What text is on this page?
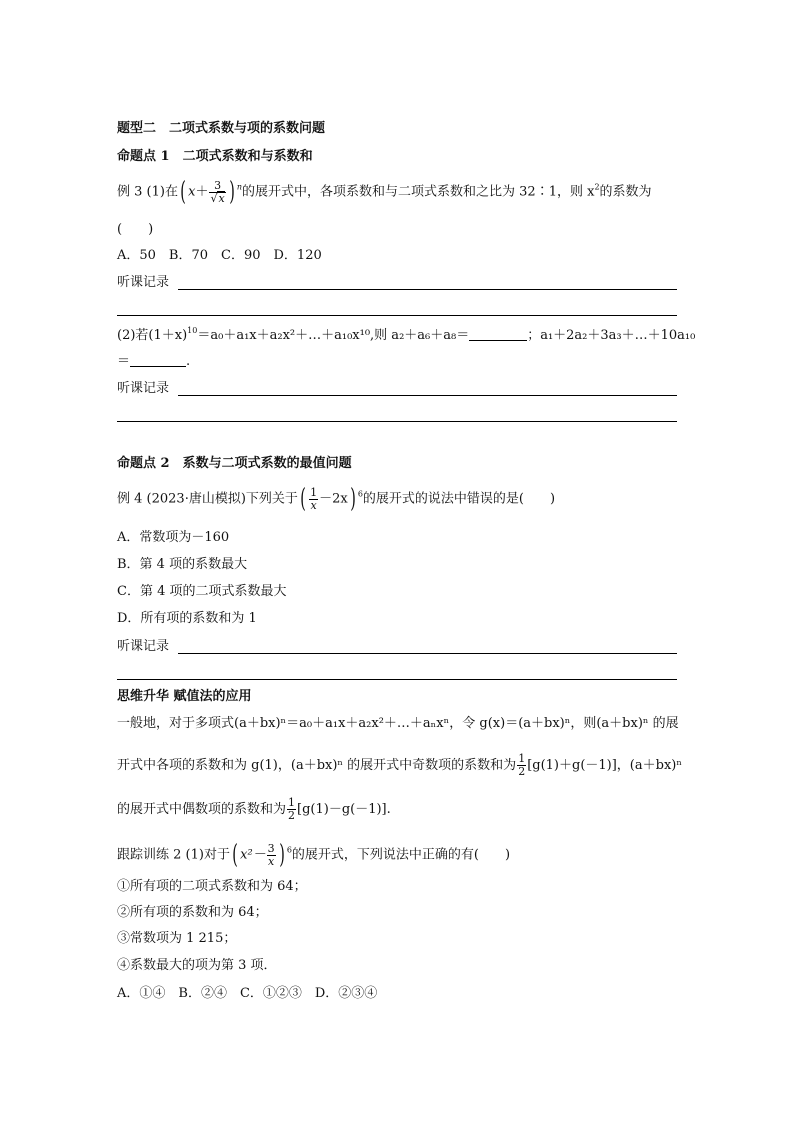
题型二　二项式系数与项的系数问题
命题点 1　二项式系数和与系数和
例 3 (1)在( $x+ \frac{3}{√x}$ ) $^n$的展开式中，各项系数和与二项式系数和之比为 32∶1，则 $x^2$的系数为
(　　)
A．50　B．70　C．90　D．120
听课记录
(2)若$(1+x)^{10}=a_0+a_1x+a_2x^2+\dots+a_{10}x^{10}$,则 a₂＋a₆＋a₈＝	；a₁＋2a₂＋3a₃＋…＋10a₁₀
＝	.
听课记录
命题点 2　系数与二项式系数的最值问题
例 4 (2023·唐山模拟)下列关于( $\frac{1}{x} -2x$) $^6$的展开式的说法中错误的是(　　)
A．常数项为－160
B．第 4 项的系数最大
C．第 4 项的二项式系数最大
D．所有项的系数和为 1
听课记录
思维升华 赋值法的应用
一般地，对于多项式(a＋bx)ⁿ＝a₀＋a₁x＋a₂x²＋…＋aₙxⁿ，令 g(x)＝(a＋bx)ⁿ，则(a＋bx)ⁿ 的展
开式中各项的系数和为 g(1)，(a＋bx)ⁿ 的展开式中奇数项的系数和为 $\frac{1}{2} [g(1)+g(-1)]$，(a＋bx)ⁿ
的展开式中偶数项的系数和为 $\frac{1}{2} [g(1)-g(-1)]$.
跟踪训练 2 (1)对于( $x^2- \frac{3}{x}$ ) $^6$的展开式，下列说法中正确的有(　　)
①所有项的二项式系数和为 64；
②所有项的系数和为 64；
③常数项为 1 215；
④系数最大的项为第 3 项．
A．①④　B．②④　C．①②③　D．②③④
